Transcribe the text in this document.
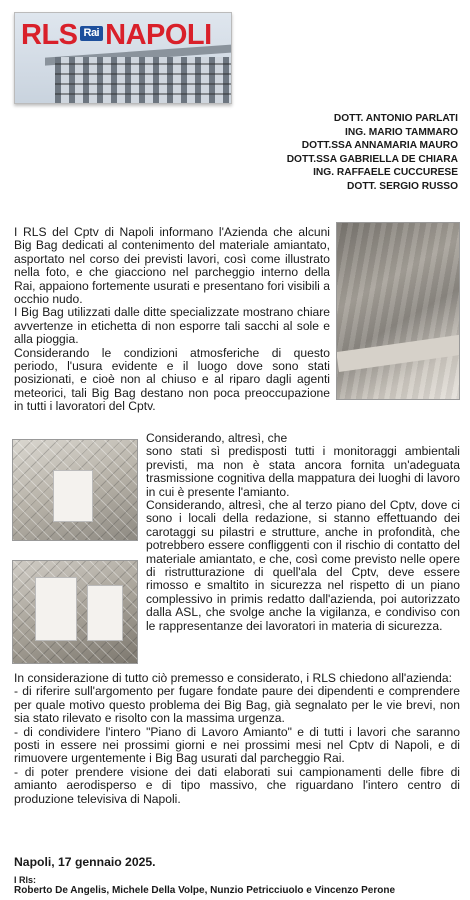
RLS Rai NAPOLI
DOTT. ANTONIO PARLATI
ING. MARIO TAMMARO
DOTT.SSA ANNAMARIA MAURO
DOTT.SSA GABRIELLA DE CHIARA
ING. RAFFAELE CUCCURESE
DOTT. SERGIO RUSSO

I RLS del Cptv di Napoli informano l'Azienda che alcuni Big Bag dedicati al contenimento del materiale amiantato, asportato nel corso dei previsti lavori, così come illustrato nella foto, e che giacciono nel parcheggio interno della Rai, appaiono fortemente usurati e presentano fori visibili a occhio nudo.

I Big Bag utilizzati dalle ditte specializzate mostrano chiare avvertenze in etichetta di non esporre tali sacchi al sole e alla pioggia.

Considerando le condizioni atmosferiche di questo periodo, l'usura evidente e il luogo dove sono stati posizionati, e cioè non al chiuso e al riparo dagli agenti meteorici, tali Big Bag destano non poca preoccupazione in tutti i lavoratori del Cptv.

Considerando, altresì, che

sono stati sì predisposti tutti i monitoraggi ambientali previsti, ma non è stata ancora fornita un'adeguata trasmissione cognitiva della mappatura dei luoghi di lavoro in cui è presente l'amianto.

Considerando, altresì, che al terzo piano del Cptv, dove ci sono i locali della redazione, si stanno effettuando dei carotaggi su pilastri e strutture, anche in profondità, che potrebbero essere confliggenti con il rischio di contatto del materiale amiantato, e che, così come previsto nelle opere di ristrutturazione di quell'ala del Cptv, deve essere rimosso e smaltito in sicurezza nel rispetto di un piano complessivo in primis redatto dall'azienda, poi autorizzato dalla ASL, che svolge anche la vigilanza, e condiviso con le rappresentanze dei lavoratori in materia di sicurezza.

In considerazione di tutto ciò premesso e considerato, i RLS chiedono all'azienda:

- di riferire sull'argomento per fugare fondate paure dei dipendenti e comprendere per quale motivo questo problema dei Big Bag, già segnalato per le vie brevi, non sia stato rilevato e risolto con la massima urgenza.

- di condividere l'intero "Piano di Lavoro Amianto" e di tutti i lavori che saranno posti in essere nei prossimi giorni e nei prossimi mesi nel Cptv di Napoli, e di rimuovere urgentemente i Big Bag usurati dal parcheggio Rai.

- di poter prendere visione dei dati elaborati sui campionamenti delle fibre di amianto aerodisperso e di tipo massivo, che riguardano l'intero centro di produzione televisiva di Napoli.

Napoli, 17 gennaio 2025.
I Rls:
Roberto De Angelis, Michele Della Volpe, Nunzio Petricciuolo e Vincenzo Perone
